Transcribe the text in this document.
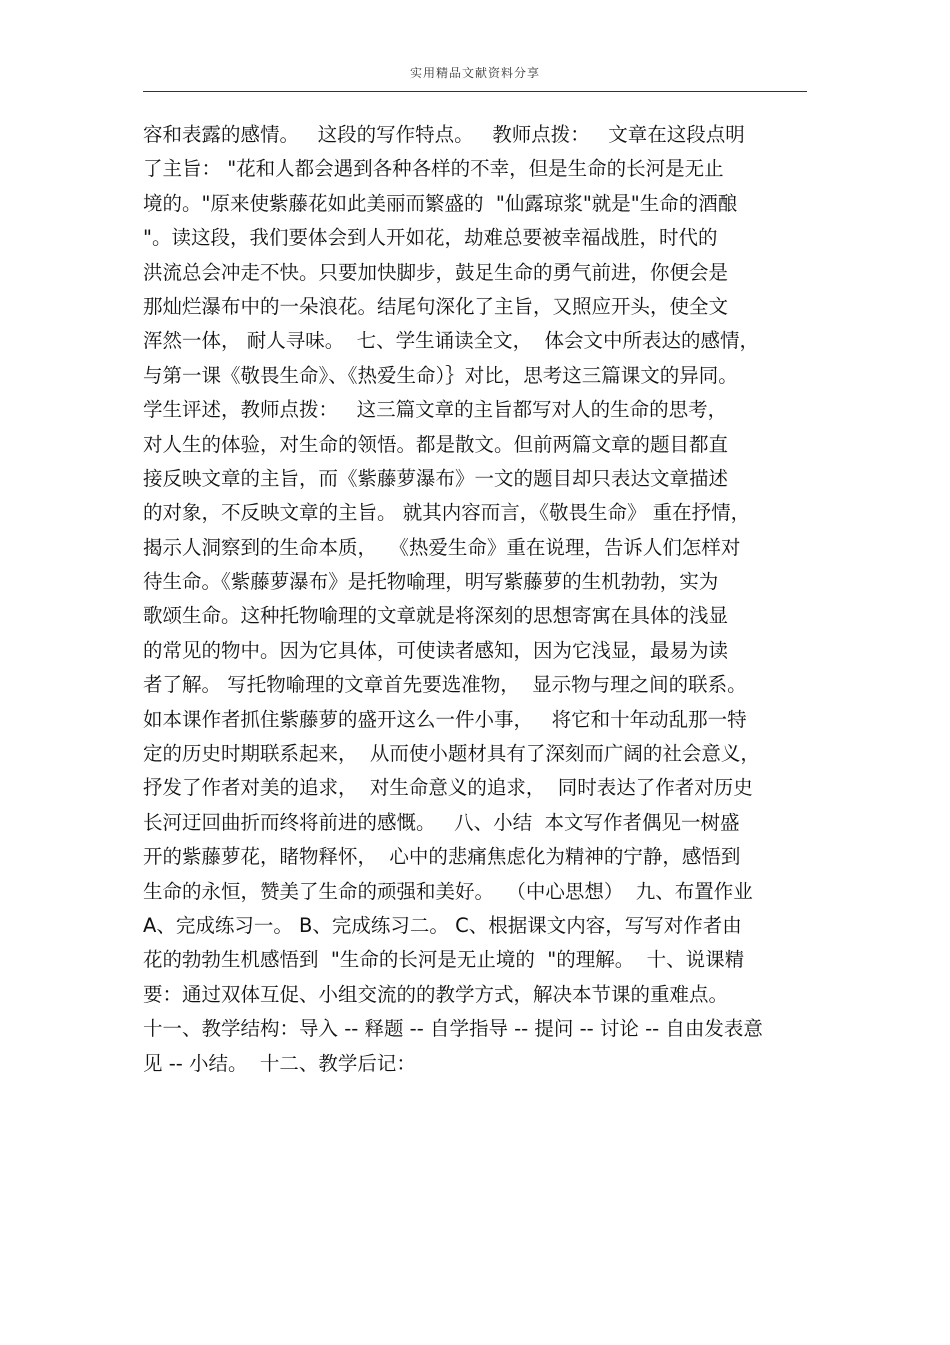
实用精品文献资料分享
容和表露的感情。   这段的写作特点。   教师点拨：   文章在这段点明
了主旨： "花和人都会遇到各种各样的不幸，但是生命的长河是无止
境的。"原来使紫藤花如此美丽而繁盛的  "仙露琼浆"就是"生命的酒酿
"。读这段，我们要体会到人开如花，劫难总要被幸福战胜，时代的
洪流总会冲走不快。只要加快脚步，鼓足生命的勇气前进，你便会是
那灿烂瀑布中的一朵浪花。结尾句深化了主旨，又照应开头，使全文
浑然一体， 耐人寻味。  七、学生诵读全文，  体会文中所表达的感情，
与第一课《敬畏生命》、《热爱生命）｝对比，思考这三篇课文的异同。
学生评述，教师点拨：   这三篇文章的主旨都写对人的生命的思考，
对人生的体验，对生命的领悟。都是散文。但前两篇文章的题目都直
接反映文章的主旨，而《紫藤萝瀑布》一文的题目却只表达文章描述
的对象，不反映文章的主旨。 就其内容而言，《敬畏生命》 重在抒情，
揭示人洞察到的生命本质，  《热爱生命》重在说理，告诉人们怎样对
待生命。《紫藤萝瀑布》是托物喻理，明写紫藤萝的生机勃勃，实为
歌颂生命。这种托物喻理的文章就是将深刻的思想寄寓在具体的浅显
的常见的物中。因为它具体，可使读者感知，因为它浅显，最易为读
者了解。 写托物喻理的文章首先要选准物，  显示物与理之间的联系。
如本课作者抓住紫藤萝的盛开这么一件小事，   将它和十年动乱那一特
定的历史时期联系起来，  从而使小题材具有了深刻而广阔的社会意义，
抒发了作者对美的追求，  对生命意义的追求，  同时表达了作者对历史
长河迂回曲折而终将前进的感慨。   八、小结  本文写作者偶见一树盛
开的紫藤萝花，睹物释怀，  心中的悲痛焦虑化为精神的宁静，感悟到
生命的永恒，赞美了生命的顽强和美好。  （中心思想）  九、布置作业
A、完成练习一。 B、完成练习二。 C、根据课文内容，写写对作者由
花的勃勃生机感悟到  "生命的长河是无止境的  "的理解。  十、说课精
要：通过双体互促、小组交流的的教学方式，解决本节课的重难点。
十一、教学结构：导入 -- 释题 -- 自学指导 -- 提问 -- 讨论 -- 自由发表意
见 -- 小结。  十二、教学后记：
